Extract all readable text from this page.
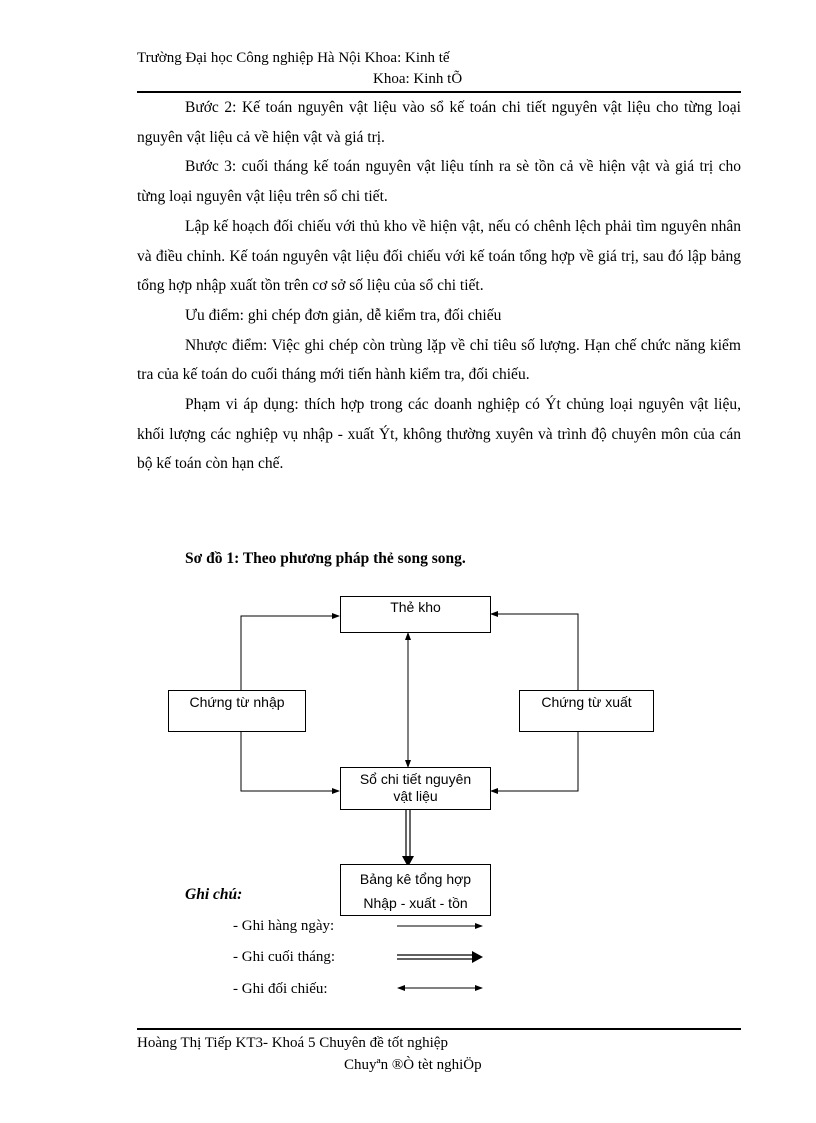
Trường Đại học Công nghiệp Hà Nội Khoa: Kinh tế
Khoa: Kinh tÕ

Bước 2: Kế toán nguyên vật liệu vào sổ kế toán chi tiết nguyên vật liệu cho từng loại nguyên vật liệu cả về hiện vật và giá trị.

Bước 3: cuối tháng kế toán nguyên vật liệu tính ra sè tồn cả về hiện vật và giá trị cho từng loại nguyên vật liệu trên sổ chi tiết.

Lập kế hoạch đối chiếu với thủ kho về hiện vật, nếu có chênh lệch phải tìm nguyên nhân và điều chỉnh. Kế toán nguyên vật liệu đối chiếu với kế toán tổng hợp về giá trị, sau đó lập bảng tổng hợp nhập xuất tồn trên cơ sở số liệu của sổ chi tiết.

Ưu điểm: ghi chép đơn giản, dễ kiểm tra, đối chiếu

Nhược điểm: Việc ghi chép còn trùng lặp về chỉ tiêu số lượng. Hạn chế chức năng kiểm tra của kế toán do cuối tháng mới tiến hành kiểm tra, đối chiếu.

Phạm vi áp dụng: thích hợp trong các doanh nghiệp có Ýt chủng loại nguyên vật liệu, khối lượng các nghiệp vụ nhập - xuất Ýt, không thường xuyên và trình độ chuyên môn của cán bộ kế toán còn hạn chế.

Sơ đồ 1: Theo phương pháp thẻ song song.
Thẻ kho
Chứng từ nhập	Chứng từ xuất
Sổ chi tiết nguyên
vật liệu
Bảng kê tổng hợp
Nhập - xuất - tồn
Ghi chú:
- Ghi hàng ngày:
- Ghi cuối tháng:
- Ghi đối chiếu:
Hoàng Thị Tiếp KT3- Khoá 5 Chuyên đề tốt nghiệp
Chuyªn ®Ò tèt nghiÖp
